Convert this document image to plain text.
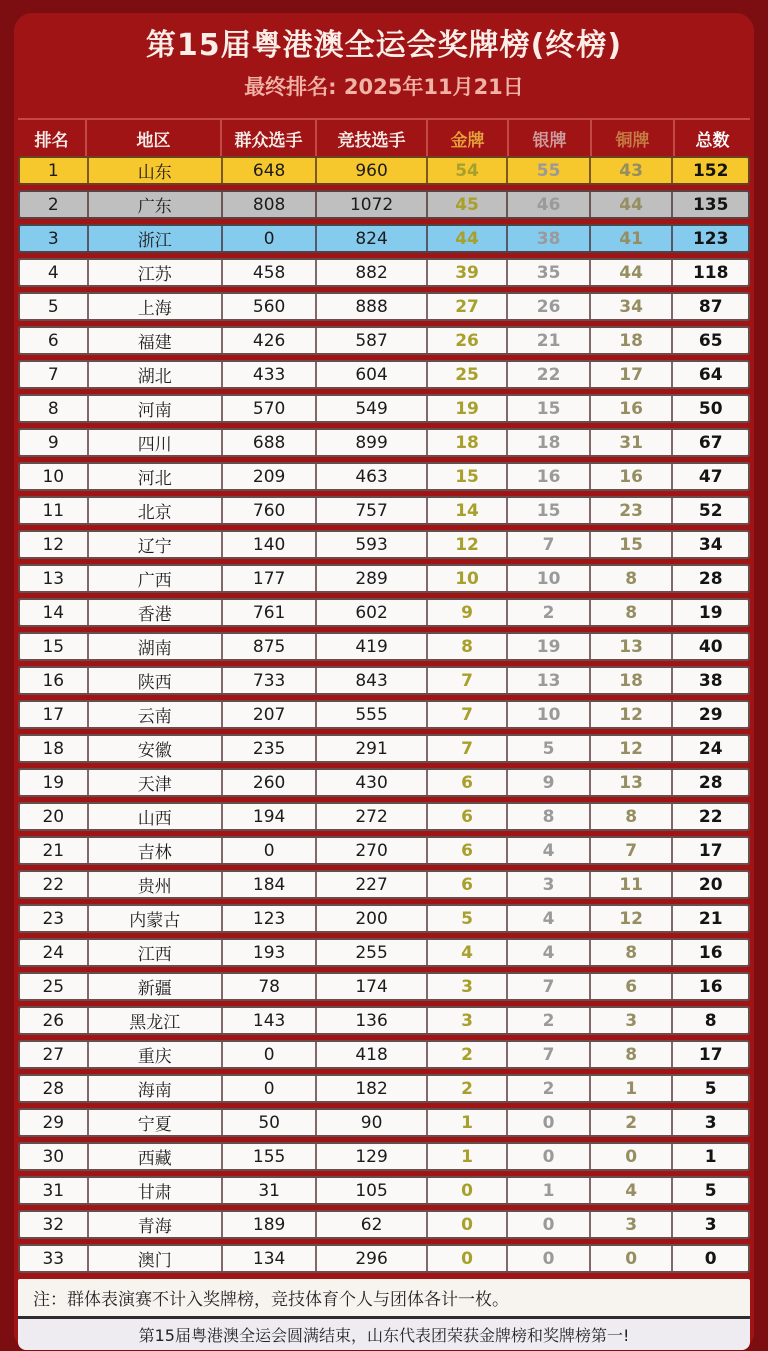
第15届粤港澳全运会奖牌榜(终榜)
最终排名: 2025年11月21日
排名	地区	群众选手	竞技选手	金牌	银牌	铜牌	总数
1	山东	648	960	54	55	43	152
2	广东	808	1072	45	46	44	135
3	浙江	0	824	44	38	41	123
4	江苏	458	882	39	35	44	118
5	上海	560	888	27	26	34	87
6	福建	426	587	26	21	18	65
7	湖北	433	604	25	22	17	64
8	河南	570	549	19	15	16	50
9	四川	688	899	18	18	31	67
10	河北	209	463	15	16	16	47
11	北京	760	757	14	15	23	52
12	辽宁	140	593	12	7	15	34
13	广西	177	289	10	10	8	28
14	香港	761	602	9	2	8	19
15	湖南	875	419	8	19	13	40
16	陕西	733	843	7	13	18	38
17	云南	207	555	7	10	12	29
18	安徽	235	291	7	5	12	24
19	天津	260	430	6	9	13	28
20	山西	194	272	6	8	8	22
21	吉林	0	270	6	4	7	17
22	贵州	184	227	6	3	11	20
23	内蒙古	123	200	5	4	12	21
24	江西	193	255	4	4	8	16
25	新疆	78	174	3	7	6	16
26	黑龙江	143	136	3	2	3	8
27	重庆	0	418	2	7	8	17
28	海南	0	182	2	2	1	5
29	宁夏	50	90	1	0	2	3
30	西藏	155	129	1	0	0	1
31	甘肃	31	105	0	1	4	5
32	青海	189	62	0	0	3	3
33	澳门	134	296	0	0	0	0
注：群体表演赛不计入奖牌榜，竞技体育个人与团体各计一枚。
第15届粤港澳全运会圆满结束，山东代表团荣获金牌榜和奖牌榜第一!
